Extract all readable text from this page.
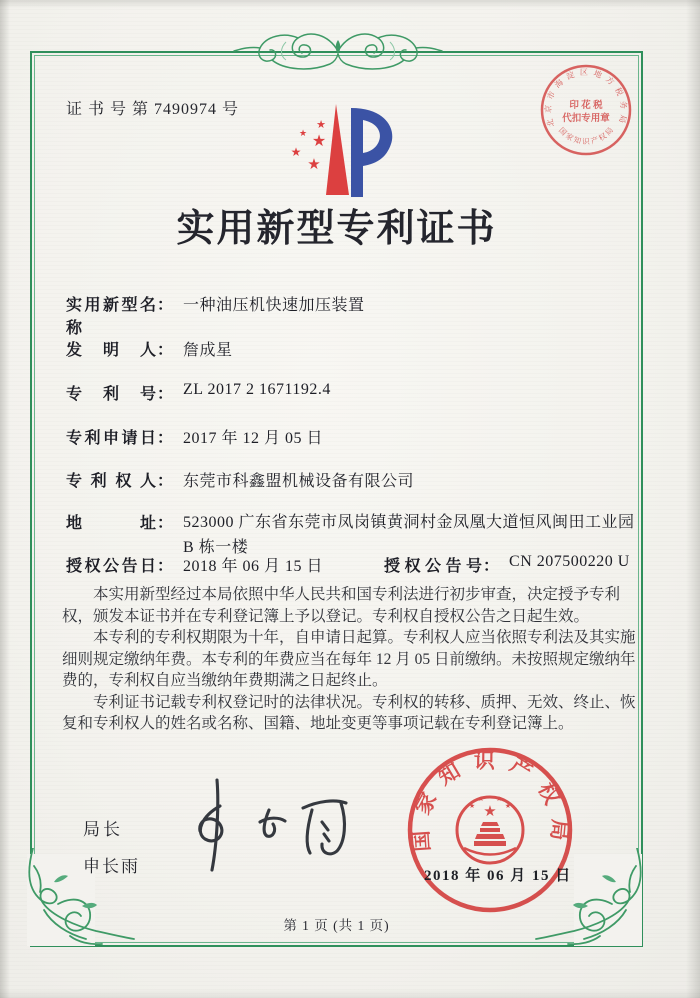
证 书 号 第 7490974 号
★
★ ★
★
★
实用新型专利证书
实用新型名称
： 一种油压机快速加压装置
发明人 ： 詹成星
专利号 ： ZL 2017 2 1671192.4
专利申请日 ： 2017 年 12 月 05 日
专利权人 ： 东莞市科鑫盟机械设备有限公司
地址 ： 523000 广东省东莞市凤岗镇黄洞村金凤凰大道恒风闽田工业园 B 栋一楼
授权公告日 ： 2018 年 06 月 15 日	授权公告号 ： CN 207500220 U

本实用新型经过本局依照中华人民共和国专利法进行初步审查，决定授予专利权，颁发本证书并在专利登记簿上予以登记。专利权自授权公告之日起生效。

本专利的专利权期限为十年，自申请日起算。专利权人应当依照专利法及其实施细则规定缴纳年费。本专利的年费应当在每年 12 月 05 日前缴纳。未按照规定缴纳年费的，专利权自应当缴纳年费期满之日起终止。

专利证书记载专利权登记时的法律状况。专利权的转移、质押、无效、终止、恢复和专利权人的姓名或名称、国籍、地址变更等事项记载在专利登记簿上。

局长
申长雨
国家知识产权局
★
★
★ ★
★
2018 年 06 月 15 日
北京市海淀区地方税务局
国家知识产权局
印 花 税
代扣专用章
第 1 页 (共 1 页)
